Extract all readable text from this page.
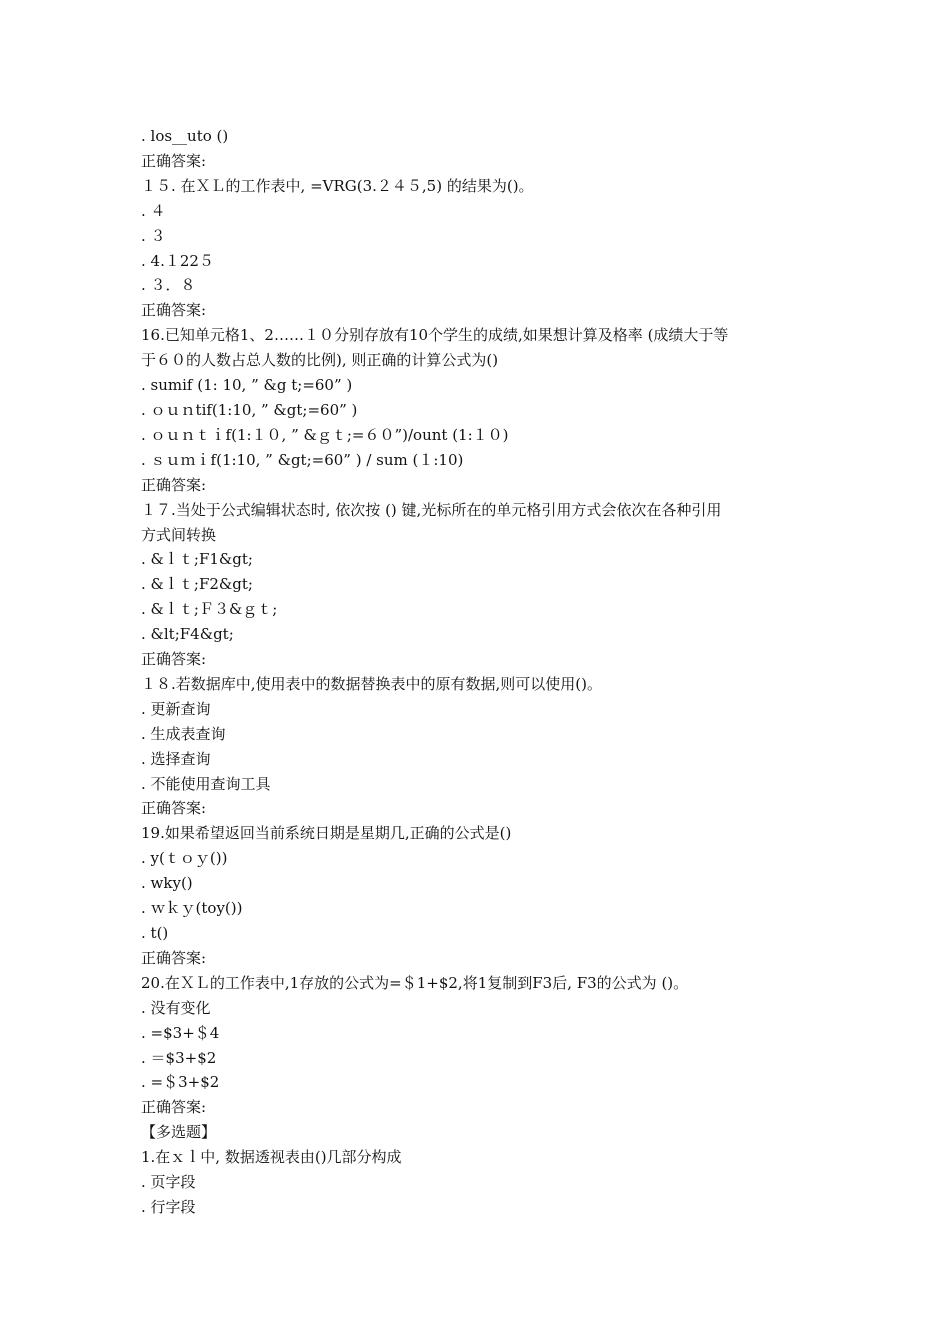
. los__uto ()

正确答案:

１５. 在ＸＬ的工作表中, =VRG(3.２４５,5) 的结果为()。

. ４

. ３

. 4.１22５

. ３．８

正确答案:

16.已知单元格1、2……１０分别存放有10个学生的成绩,如果想计算及格率 (成绩大于等

于６０的人数占总人数的比例), 则正确的计算公式为()

. sumif (1: 10, ” &g t;=60” )

. ｏｕｎtif(1:10, ” &gt;=60” )

. ｏｕｎｔｉf(1:１０, ” &ｇｔ;=６０”)/ount (1:１０)

. ｓｕｍｉf(1:10, ” &gt;=60” ) / sum (１:10)

正确答案:

１７.当处于公式编辑状态时, 依次按 () 键,光标所在的单元格引用方式会依次在各种引用

方式间转换

. &ｌｔ;F1&gt;

. &ｌｔ;F2&gt;

. &ｌｔ;Ｆ３&ｇｔ;

. &lt;F4&gt;

正确答案:

１８.若数据库中,使用表中的数据替换表中的原有数据,则可以使用()。

. 更新查询

. 生成表查询

. 选择查询

. 不能使用查询工具

正确答案:

19.如果希望返回当前系统日期是星期几,正确的公式是()

. y(ｔｏｙ())

. wky()

. ｗｋｙ(toy())

. t()

正确答案:

20.在ＸＬ的工作表中,1存放的公式为=＄1+$2,将1复制到F3后, F3的公式为 ()。

. 没有变化

. =$3+＄4

. ＝$3+$2

. =＄3+$2

正确答案:

【多选题】

1.在ｘｌ中, 数据透视表由()几部分构成

. 页字段

. 行字段
